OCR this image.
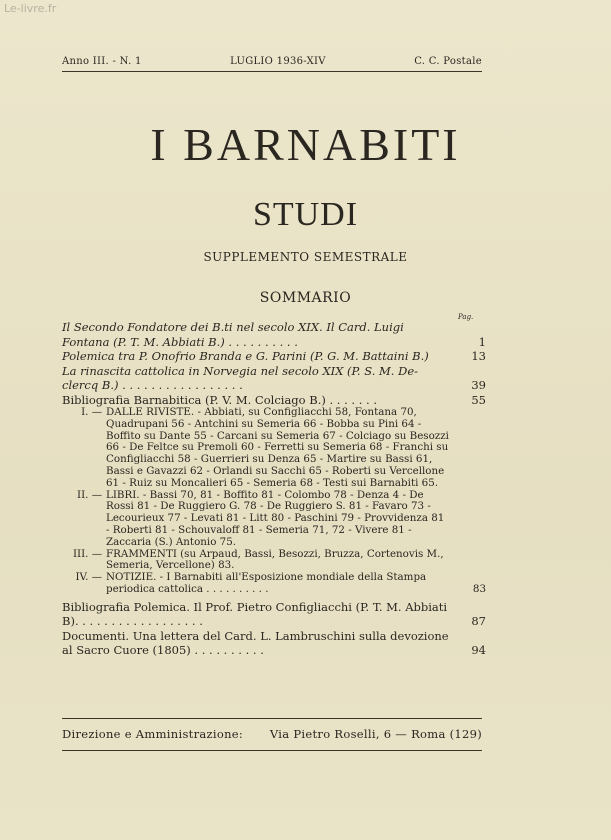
Le-livre.fr
Anno III. - N. 1	LUGLIO 1936-XIV	C. C. Postale
I BARNABITI
STUDI
SUPPLEMENTO SEMESTRALE
SOMMARIO
Pag.
Il Secondo Fondatore dei B.ti nel secolo XIX. Il Card. Luigi Fontana (P. T. M. Abbiati B.) . . . . . . . . . .	1
Polemica tra P. Onofrio Branda e G. Parini (P. G. M. Battaini B.)	13
La rinascita cattolica in Norvegia nel secolo XIX (P. S. M. De-clercq B.) . . . . . . . . . . . . . . . . .	39
Bibliografia Barnabitica (P. V. M. Colciago B.) . . . . . . .	55
I. — DALLE RIVISTE. - Abbiati, su Configliacchi 58, Fontana 70, Quadrupani 56 - Antchini su Semeria 66 - Bobba su Pini 64 - Boffito su Dante 55 - Carcani su Semeria 67 - Colciago su Besozzi 66 - De Feltce su Premoli 60 - Ferretti su Semeria 68 - Franchi su Configliacchi 58 - Guerrieri su Denza 65 - Martire su Bassi 61, Bassi e Gavazzi 62 - Orlandi su Sacchi 65 - Roberti su Vercellone 61 - Ruiz su Moncalieri 65 - Semeria 68 - Testi sui Barnabiti 65.
II. — LIBRI. - Bassi 70, 81 - Boffito 81 - Colombo 78 - Denza 4 - De Rossi 81 - De Ruggiero G. 78 - De Ruggiero S. 81 - Favaro 73 - Lecourieux 77 - Levati 81 - Litt 80 - Paschini 79 - Provvidenza 81 - Roberti 81 - Schouvaloff 81 - Semeria 71, 72 - Vivere 81 - Zaccaria (S.) Antonio 75.
III. — FRAMMENTI (su Arpaud, Bassi, Besozzi, Bruzza, Cortenovis M., Semeria, Vercellone) 83.
IV. — NOTIZIE. - I Barnabiti all'Esposizione mondiale della Stampa periodica cattolica . . . . . . . . . .	83
Bibliografia Polemica. Il Prof. Pietro Configliacchi (P. T. M. Abbiati B). . . . . . . . . . . . . . . . . .	87
Documenti. Una lettera del Card. L. Lambruschini sulla devozione al Sacro Cuore (1805) . . . . . . . . . .	94
Direzione e Amministrazione: Via Pietro Roselli, 6 — Roma (129)
